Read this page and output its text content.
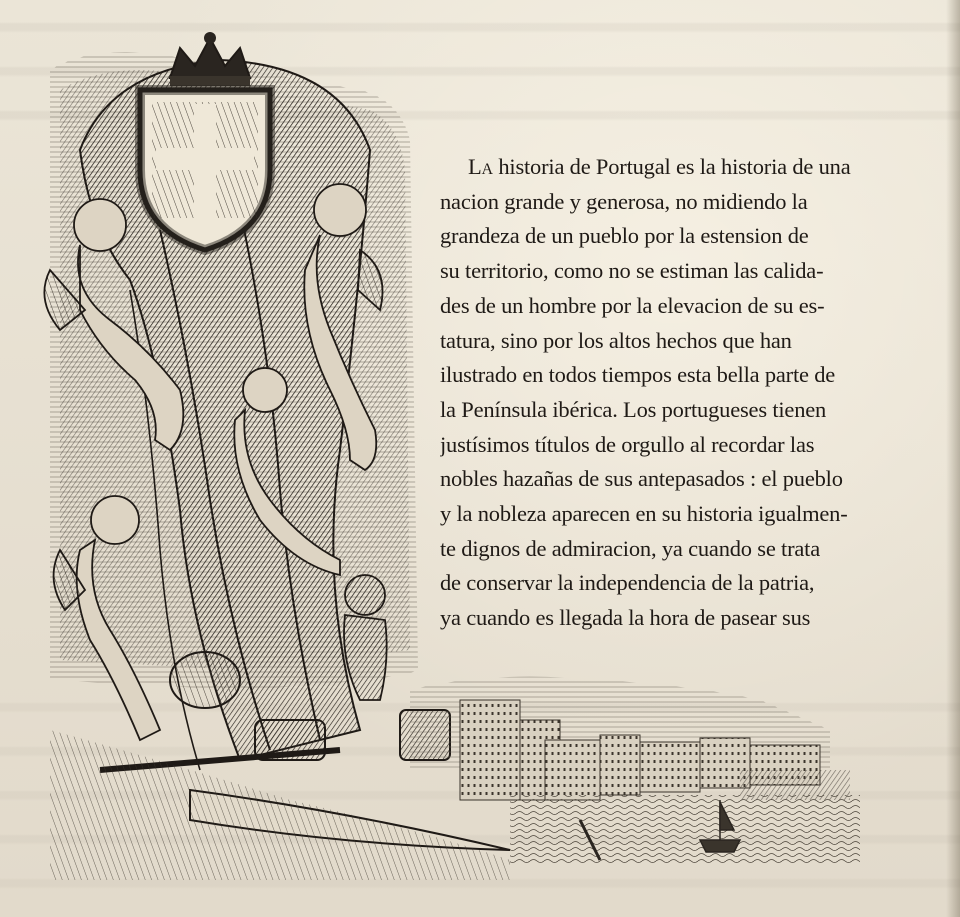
La historia de Portugal es la historia de una
nacion grande y generosa, no midiendo la
grandeza de un pueblo por la estension de
su territorio, como no se estiman las calida-
des de un hombre por la elevacion de su es-
tatura, sino por los altos hechos que han
ilustrado en todos tiempos esta bella parte de
la Península ibérica. Los portugueses tienen
justísimos títulos de orgullo al recordar las
nobles hazañas de sus antepasados : el pueblo
y la nobleza aparecen en su historia igualmen-
te dignos de admiracion, ya cuando se trata
de conservar la independencia de la patria,
ya cuando es llegada la hora de pasear sus
